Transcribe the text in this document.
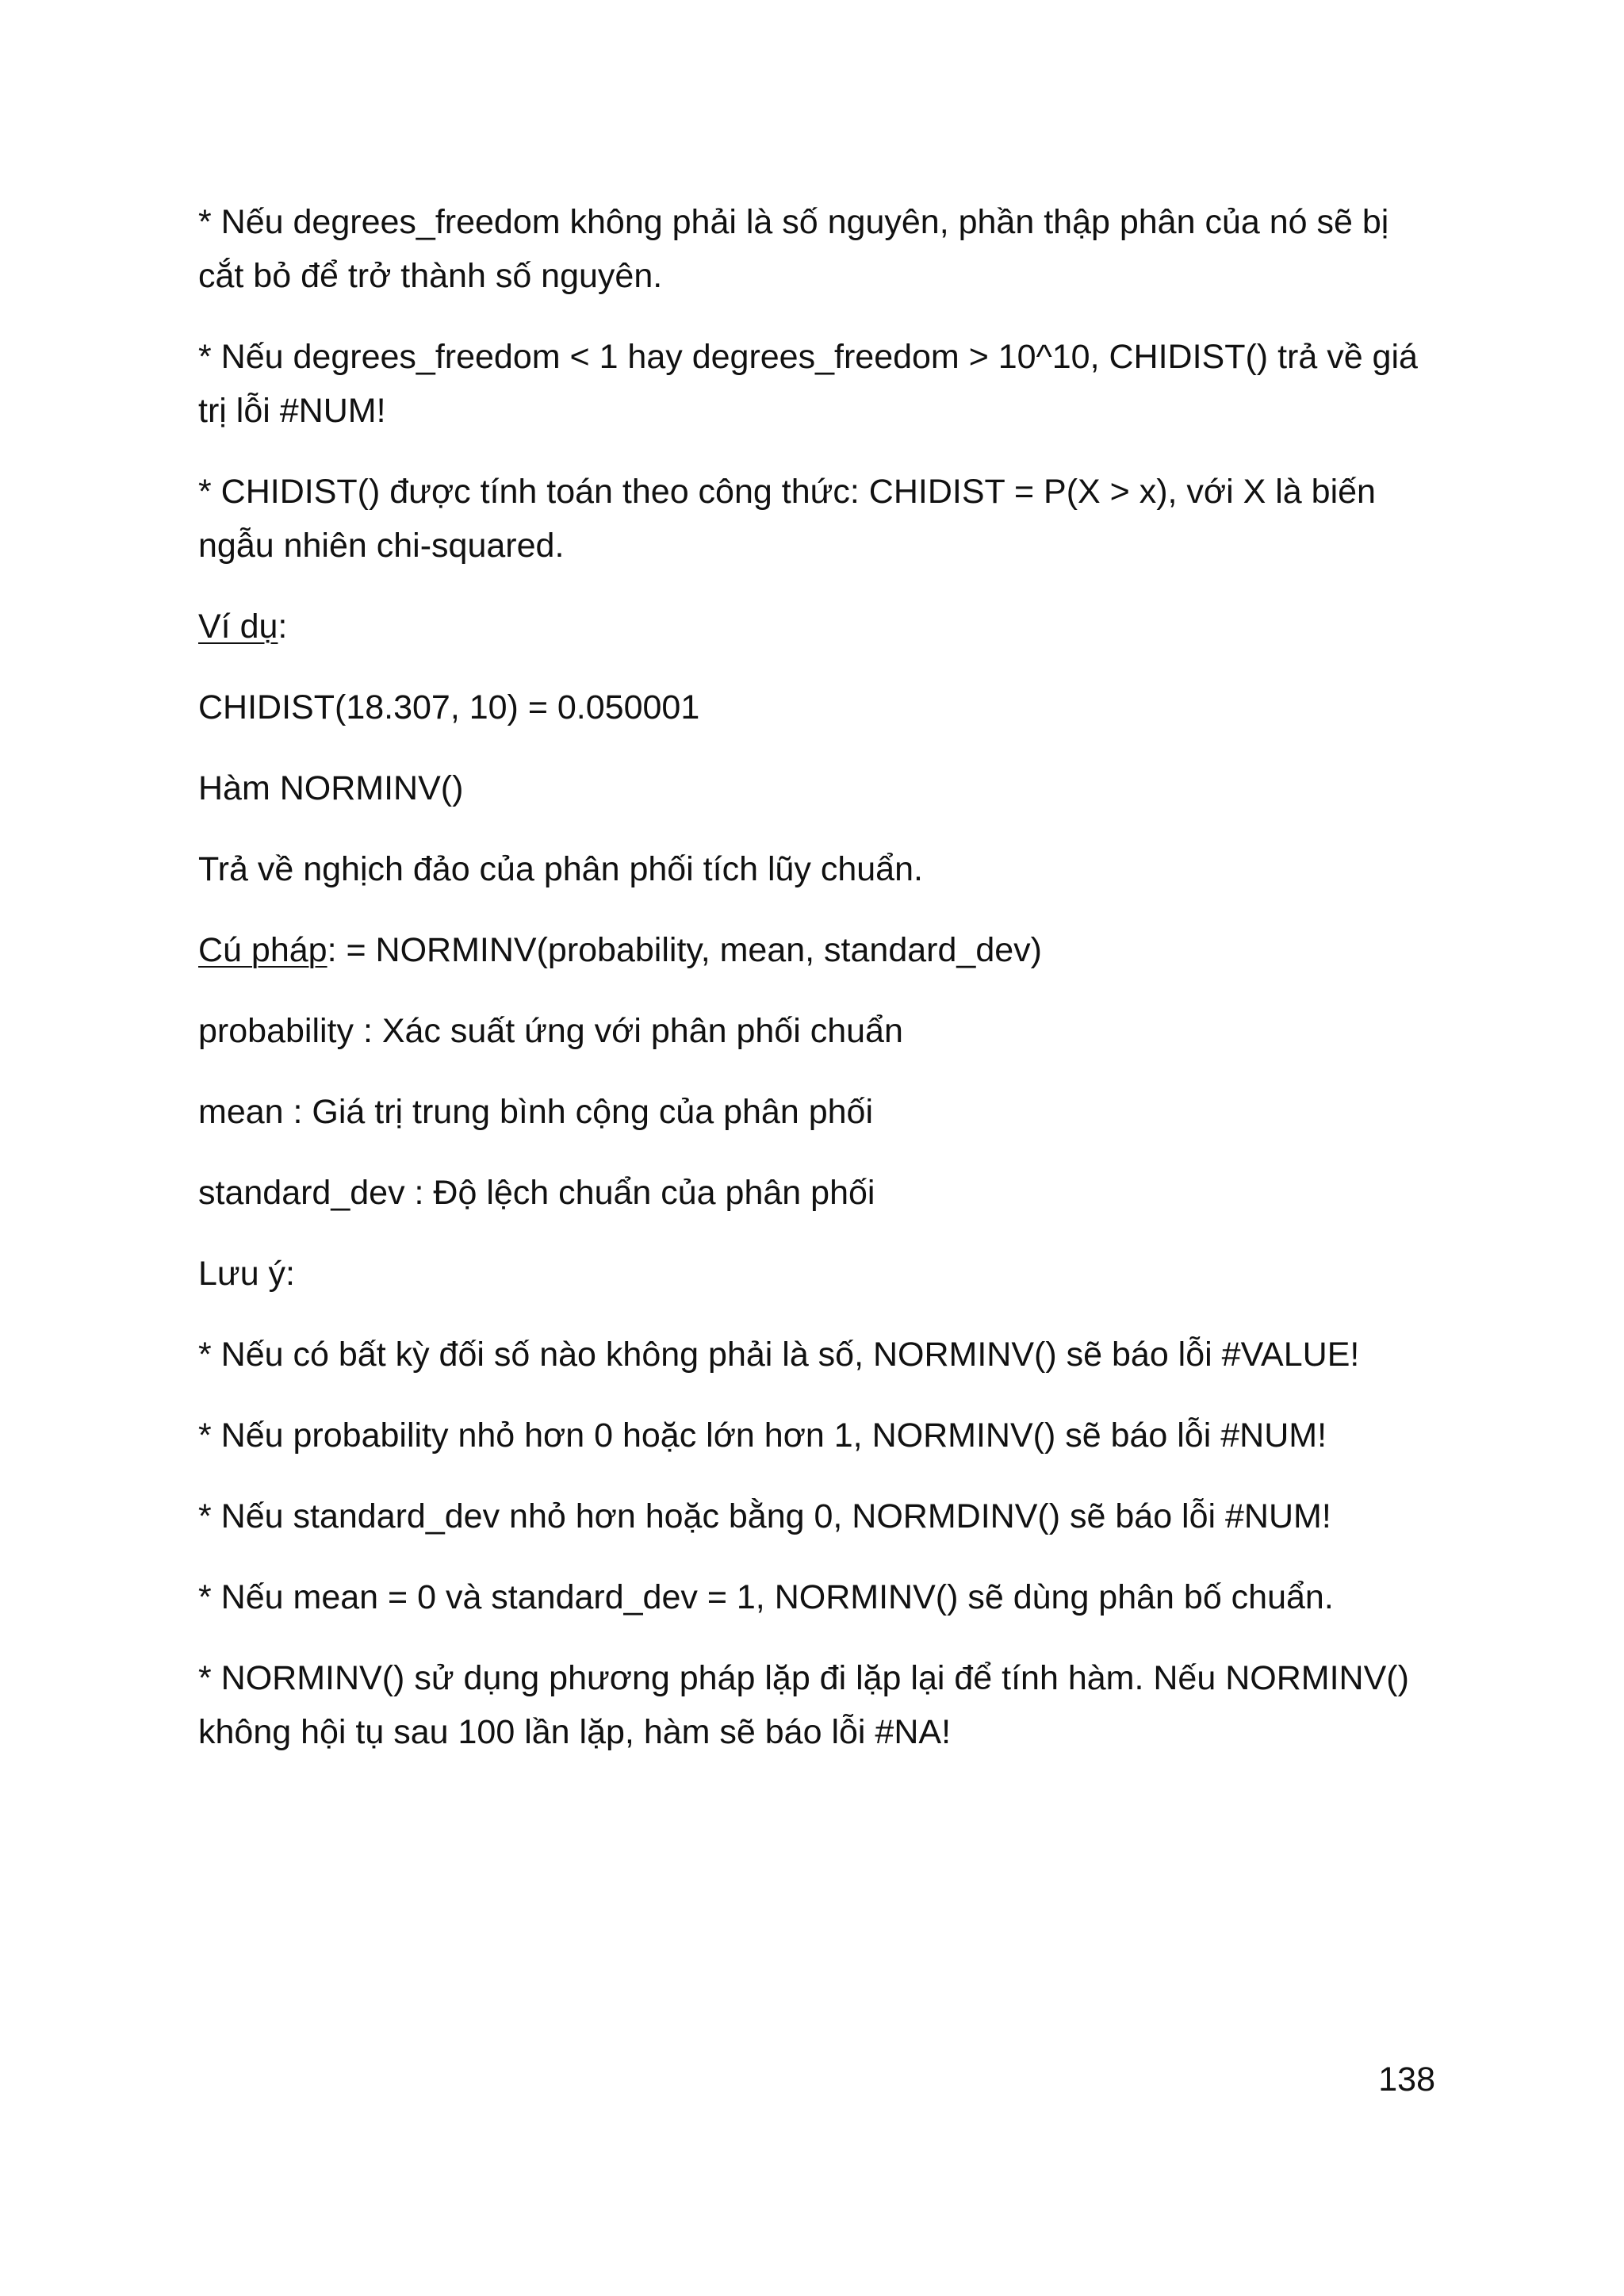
* Nếu degrees_freedom không phải là số nguyên, phần thập phân của nó sẽ bị
cắt bỏ để trở thành số nguyên.

* Nếu degrees_freedom < 1 hay degrees_freedom > 10^10, CHIDIST() trả về giá
trị lỗi #NUM!

* CHIDIST() được tính toán theo công thức: CHIDIST = P(X > x), với X là biến
ngẫu nhiên chi-squared.

Ví dụ:

CHIDIST(18.307, 10) = 0.050001

Hàm NORMINV()

Trả về nghịch đảo của phân phối tích lũy chuẩn.

Cú pháp: = NORMINV(probability, mean, standard_dev)

probability : Xác suất ứng với phân phối chuẩn

mean : Giá trị trung bình cộng của phân phối

standard_dev : Độ lệch chuẩn của phân phối

Lưu ý:

* Nếu có bất kỳ đối số nào không phải là số, NORMINV() sẽ báo lỗi #VALUE!

* Nếu probability nhỏ hơn 0 hoặc lớn hơn 1, NORMINV() sẽ báo lỗi #NUM!

* Nếu standard_dev nhỏ hơn hoặc bằng 0, NORMDINV() sẽ báo lỗi #NUM!

* Nếu mean = 0 và standard_dev = 1, NORMINV() sẽ dùng phân bố chuẩn.

* NORMINV() sử dụng phương pháp lặp đi lặp lại để tính hàm. Nếu NORMINV()
không hội tụ sau 100 lần lặp, hàm sẽ báo lỗi #NA!

138
